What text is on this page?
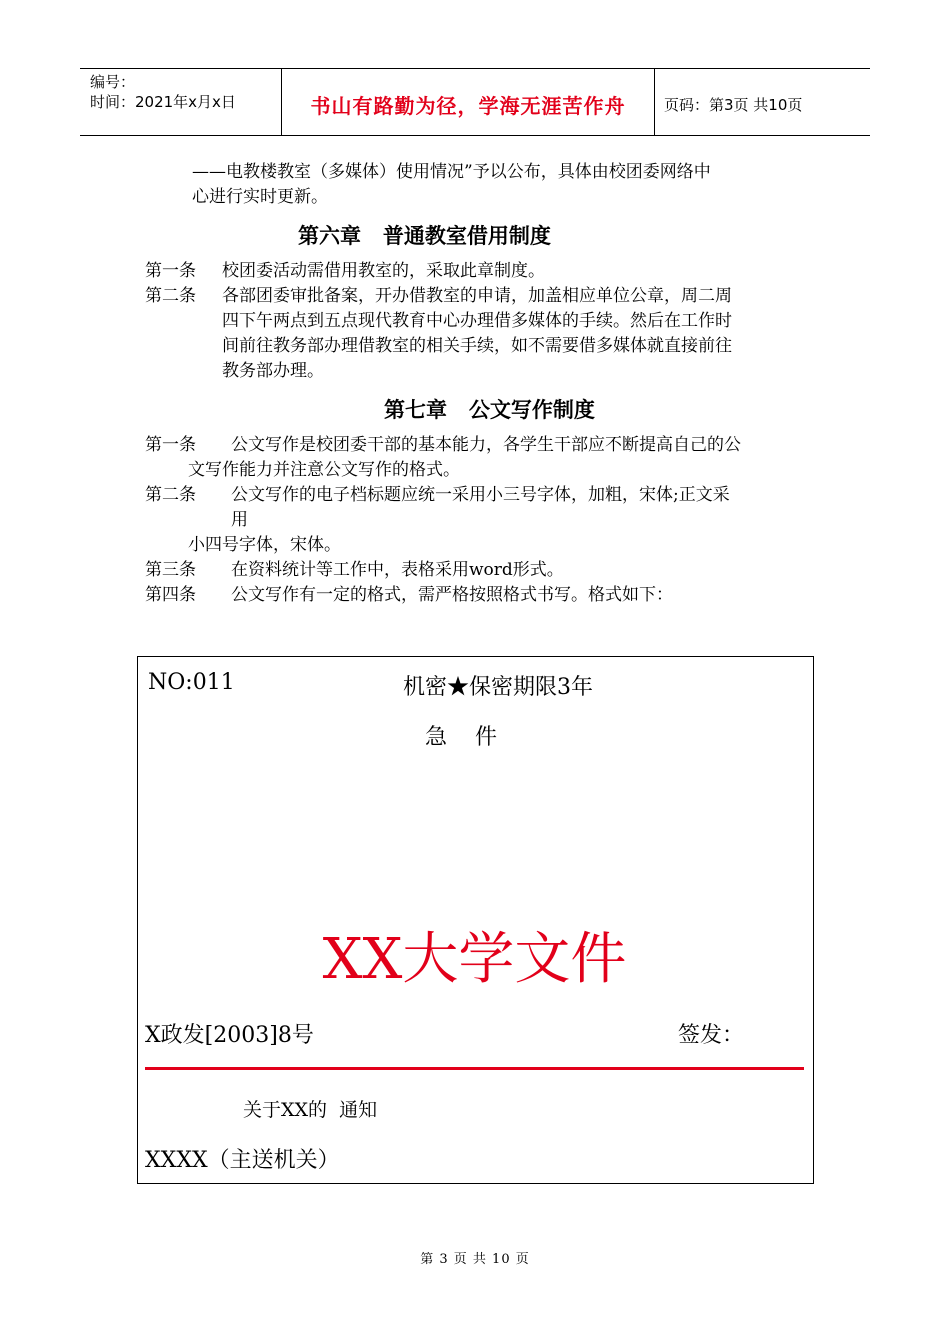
编号：
时间：2021年x月x日	书山有路勤为径，学海无涯苦作舟	页码：第3页 共10页
——电教楼教室（多媒体）使用情况”予以公布，具体由校团委网络中
心进行实时更新。
第六章   普通教室借用制度
第一条 校团委活动需借用教室的，采取此章制度。
第二条 各部团委审批备案，开办借教室的申请，加盖相应单位公章，周二周
四下午两点到五点现代教育中心办理借多媒体的手续。然后在工作时
间前往教务部办理借教室的相关手续，如不需要借多媒体就直接前往
教务部办理。
第七章   公文写作制度
第一条 公文写作是校团委干部的基本能力，各学生干部应不断提高自己的公
文写作能力并注意公文写作的格式。
第二条 公文写作的电子档标题应统一采用小三号字体，加粗，宋体;正文采
用
小四号字体，宋体。
第三条 在资料统计等工作中，表格采用word形式。
第四条 公文写作有一定的格式，需严格按照格式书写。格式如下：
NO:011	机密★保密期限3年
急    件
XX大学文件
X政发[2003]8号	签发：
关于XX的  通知
XXXX（主送机关）
第 3 页 共 10 页
